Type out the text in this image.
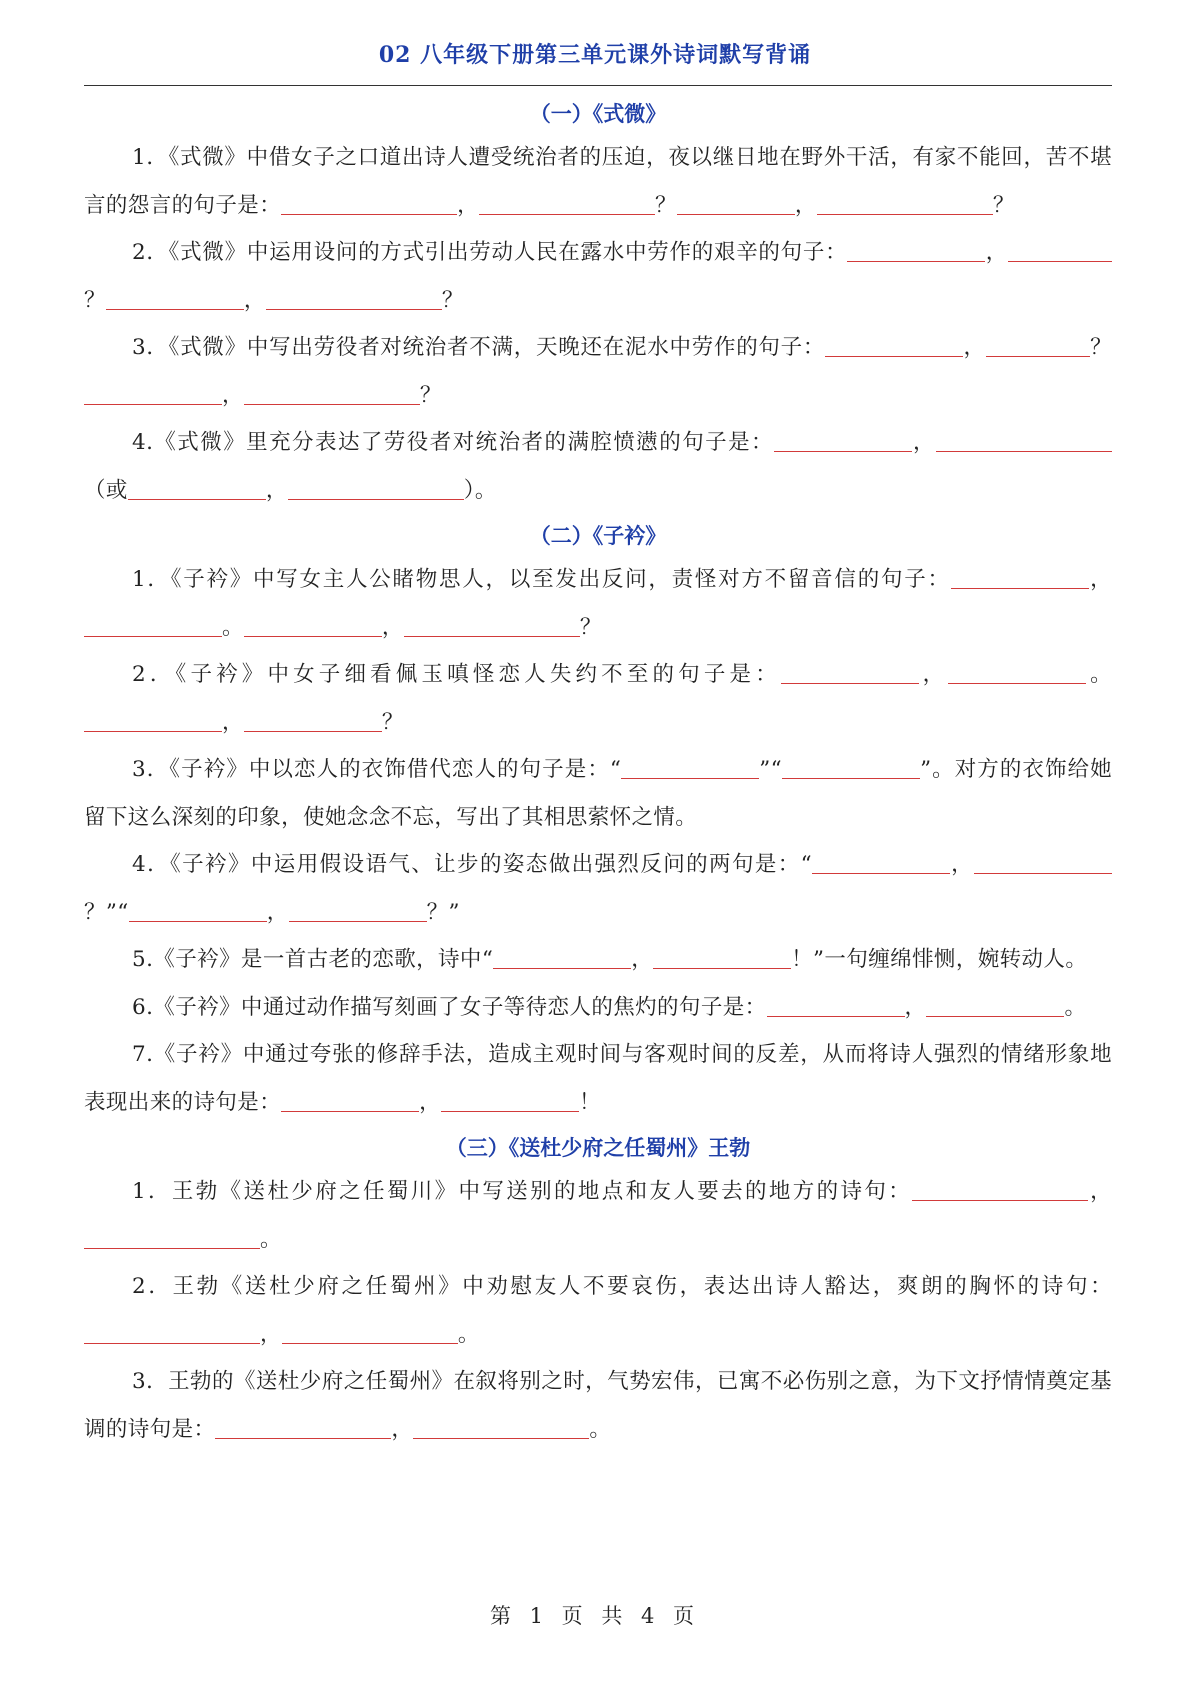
02 八年级下册第三单元课外诗词默写背诵
（一）《式微》

1．《式微》中借女子之口道出诗人遭受统治者的压迫，夜以继日地在野外干活，有家不能回，苦不堪言的怨言的句子是：	，	？	，	？

2．《式微》中运用设问的方式引出劳动人民在露水中劳作的艰辛的句子：	，？	，	？

3．《式微》中写出劳役者对统治者不满，天晚还在泥水中劳作的句子：	，	？，	？

4.《式微》里充分表达了劳役者对统治者的满腔愤懑的句子是：	，（或	，	）。

（二）《子衿》

1．《子衿》中写女主人公睹物思人，以至发出反问，责怪对方不留音信的句子：	，。	，	？

2．《子衿》中女子细看佩玉嗔怪恋人失约不至的句子是：	，	。，	？

3．《子衿》中以恋人的衣饰借代恋人的句子是：“	”“	”。对方的衣饰给她留下这么深刻的印象，使她念念不忘，写出了其相思萦怀之情。

4．《子衿》中运用假设语气、让步的姿态做出强烈反问的两句是：“	，？”“	，	？”

5.《子衿》是一首古老的恋歌，诗中“	，	！”一句缠绵悱恻，婉转动人。

6.《子衿》中通过动作描写刻画了女子等待恋人的焦灼的句子是：	，	。

7.《子衿》中通过夸张的修辞手法，造成主观时间与客观时间的反差，从而将诗人强烈的情绪形象地表现出来的诗句是：	，	！

（三）《送杜少府之任蜀州》王勃

1．王勃《送杜少府之任蜀川》中写送别的地点和友人要去的地方的诗句：	，。

2．王勃《送杜少府之任蜀州》中劝慰友人不要哀伤，表达出诗人豁达，爽朗的胸怀的诗句：，	。

3．王勃的《送杜少府之任蜀州》在叙将别之时，气势宏伟，已寓不必伤别之意，为下文抒情情奠定基调的诗句是：	，	。

第 1 页 共 4 页
